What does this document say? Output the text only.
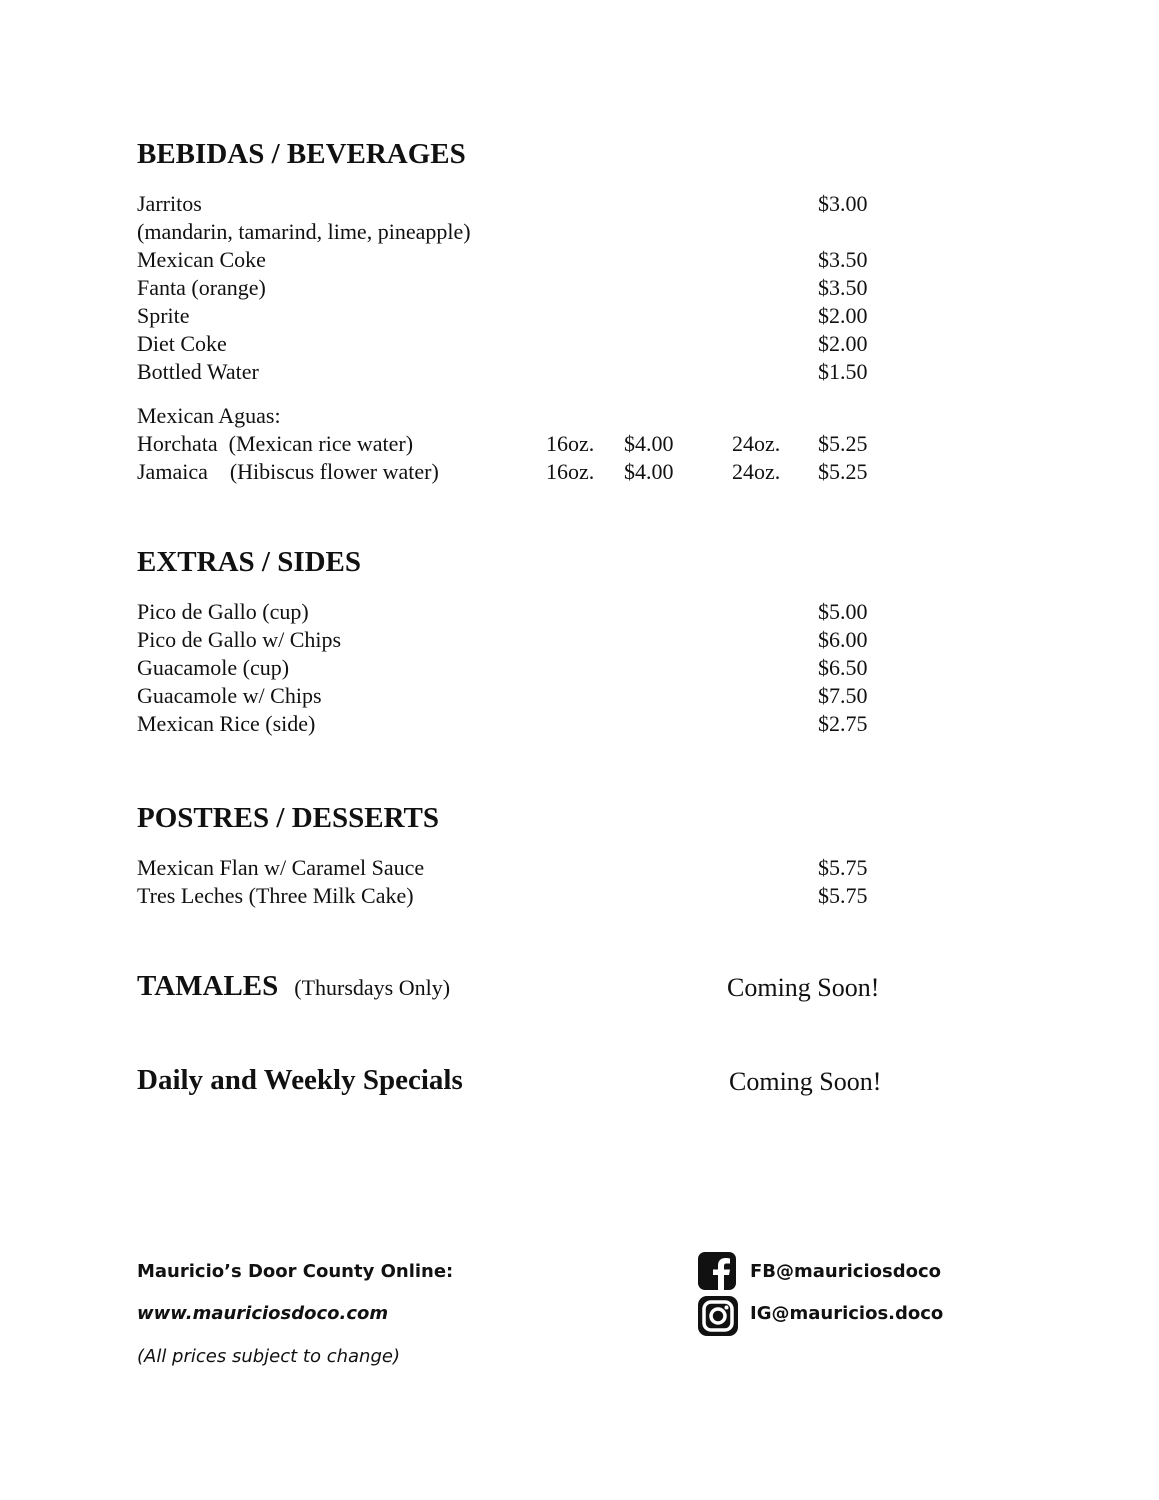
BEBIDAS / BEVERAGES
Jarritos	$3.00
(mandarin, tamarind, lime, pineapple)
Mexican Coke	$3.50
Fanta (orange)	$3.50
Sprite	$2.00
Diet Coke	$2.00
Bottled Water	$1.50
Mexican Aguas:
Horchata  (Mexican rice water)	16oz. $4.00	24oz. $5.25
Jamaica    (Hibiscus flower water)	16oz. $4.00	24oz. $5.25
EXTRAS / SIDES
Pico de Gallo (cup)	$5.00
Pico de Gallo w/ Chips	$6.00
Guacamole (cup)	$6.50
Guacamole w/ Chips	$7.50
Mexican Rice (side)	$2.75
POSTRES / DESSERTS
Mexican Flan w/ Caramel Sauce	$5.75
Tres Leches (Three Milk Cake)	$5.75
TAMALES (Thursdays Only)	Coming Soon!
Daily and Weekly Specials	Coming Soon!
Mauricio’s Door County Online:
www.mauriciosdoco.com
(All prices subject to change)
FB@mauriciosdoco
IG@mauricios.doco
